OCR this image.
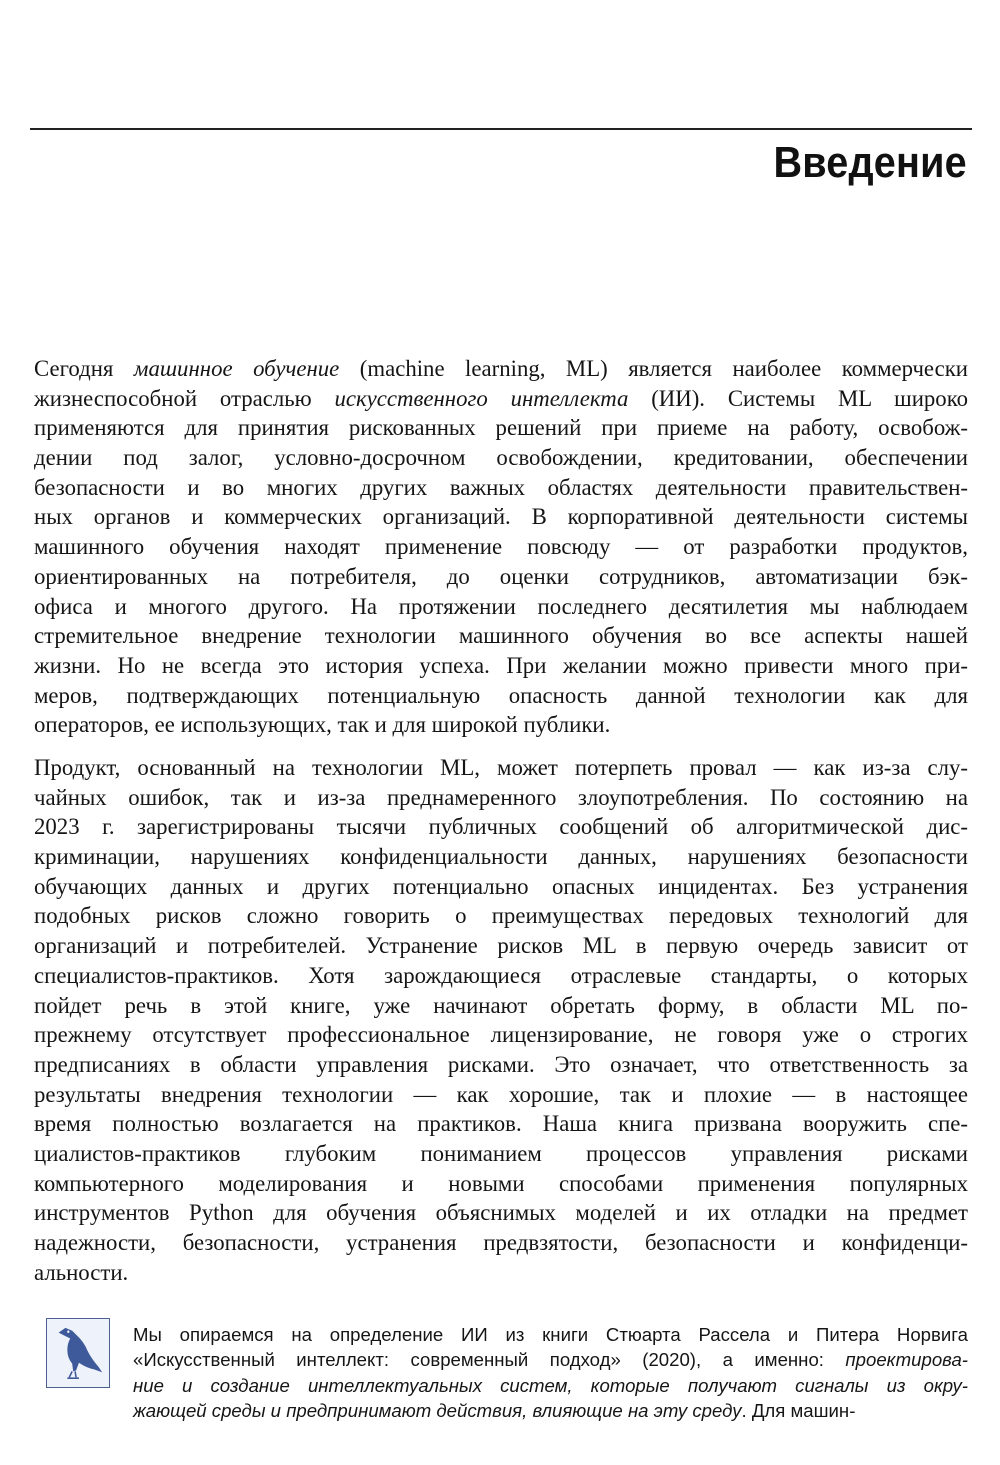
Введение
Сегодня машинное обучение (machine learning, ML) является наиболее коммерчески
жизнеспособной отраслью искусственного интеллекта (ИИ). Системы ML широко
применяются для принятия рискованных решений при приеме на работу, освобож-
дении под залог, условно-досрочном освобождении, кредитовании, обеспечении
безопасности и во многих других важных областях деятельности правительствен-
ных органов и коммерческих организаций. В корпоративной деятельности системы
машинного обучения находят применение повсюду — от разработки продуктов,
ориентированных на потребителя, до оценки сотрудников, автоматизации бэк-
офиса и многого другого. На протяжении последнего десятилетия мы наблюдаем
стремительное внедрение технологии машинного обучения во все аспекты нашей
жизни. Но не всегда это история успеха. При желании можно привести много при-
меров, подтверждающих потенциальную опасность данной технологии как для
операторов, ее использующих, так и для широкой публики.
Продукт, основанный на технологии ML, может потерпеть провал — как из-за слу-
чайных ошибок, так и из-за преднамеренного злоупотребления. По состоянию на
2023 г. зарегистрированы тысячи публичных сообщений об алгоритмической дис-
криминации, нарушениях конфиденциальности данных, нарушениях безопасности
обучающих данных и других потенциально опасных инцидентах. Без устранения
подобных рисков сложно говорить о преимуществах передовых технологий для
организаций и потребителей. Устранение рисков ML в первую очередь зависит от
специалистов-практиков. Хотя зарождающиеся отраслевые стандарты, о которых
пойдет речь в этой книге, уже начинают обретать форму, в области ML по-
прежнему отсутствует профессиональное лицензирование, не говоря уже о строгих
предписаниях в области управления рисками. Это означает, что ответственность за
результаты внедрения технологии — как хорошие, так и плохие — в настоящее
время полностью возлагается на практиков. Наша книга призвана вооружить спе-
циалистов-практиков глубоким пониманием процессов управления рисками
компьютерного моделирования и новыми способами применения популярных
инструментов Python для обучения объяснимых моделей и их отладки на предмет
надежности, безопасности, устранения предвзятости, безопасности и конфиденци-
альности.
Мы опираемся на определение ИИ из книги Стюарта Рассела и Питера Норвига
«Искусственный интеллект: современный подход» (2020), а именно: проектирова-
ние и создание интеллектуальных систем, которые получают сигналы из окру-
жающей среды и предпринимают действия, влияющие на эту среду. Для машин-
